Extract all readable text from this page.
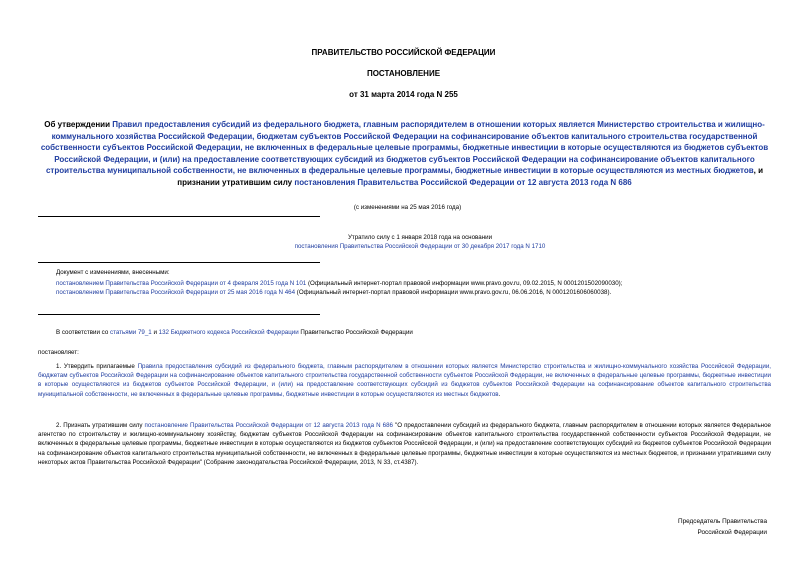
ПРАВИТЕЛЬСТВО РОССИЙСКОЙ ФЕДЕРАЦИИ
ПОСТАНОВЛЕНИЕ
от 31 марта 2014 года N 255
Об утверждении Правил предоставления субсидий из федерального бюджета, главным распорядителем в отношении которых является Министерство строительства и жилищно-коммунального хозяйства Российской Федерации, бюджетам субъектов Российской Федерации на софинансирование объектов капитального строительства государственной собственности субъектов Российской Федерации, не включенных в федеральные целевые программы, бюджетные инвестиции в которые осуществляются из бюджетов субъектов Российской Федерации, и (или) на предоставление соответствующих субсидий из бюджетов субъектов Российской Федерации на софинансирование объектов капитального строительства муниципальной собственности, не включенных в федеральные целевые программы, бюджетные инвестиции в которые осуществляются из местных бюджетов, и признании утратившим силу постановления Правительства Российской Федерации от 12 августа 2013 года N 686
(с изменениями на 25 мая 2016 года)
Утратило силу с 1 января 2018 года на основании
постановления Правительства Российской Федерации от 30 декабря 2017 года N 1710
Документ с изменениями, внесенными:
постановлением Правительства Российской Федерации от 4 февраля 2015 года N 101 (Официальный интернет-портал правовой информации www.pravo.gov.ru, 09.02.2015, N 0001201502090030);
постановлением Правительства Российской Федерации от 25 мая 2016 года N 464 (Официальный интернет-портал правовой информации www.pravo.gov.ru, 06.06.2016, N 0001201606060038).
В соответствии со статьями 79_1 и 132 Бюджетного кодекса Российской Федерации Правительство Российской Федерации
постановляет:
1. Утвердить прилагаемые Правила предоставления субсидий из федерального бюджета, главным распорядителем в отношении которых является Министерство строительства и жилищно-коммунального хозяйства Российской Федерации, бюджетам субъектов Российской Федерации на софинансирование объектов капитального строительства государственной собственности субъектов Российской Федерации, не включенных в федеральные целевые программы, бюджетные инвестиции в которые осуществляются из бюджетов субъектов Российской Федерации, и (или) на предоставление соответствующих субсидий из бюджетов субъектов Российской Федерации на софинансирование объектов капитального строительства муниципальной собственности, не включенных в федеральные целевые программы, бюджетные инвестиции в которые осуществляются из местных бюджетов.
2. Признать утратившим силу постановление Правительства Российской Федерации от 12 августа 2013 года N 686 "О предоставлении субсидий из федерального бюджета, главным распорядителем в отношении которых является Федеральное агентство по строительству и жилищно-коммунальному хозяйству, бюджетам субъектов Российской Федерации на софинансирование объектов капитального строительства государственной собственности субъектов Российской Федерации, не включенных в федеральные целевые программы, бюджетные инвестиции в которые осуществляются из бюджетов субъектов Российской Федерации, и (или) на предоставление соответствующих субсидий из бюджетов субъектов Российской Федерации на софинансирование объектов капитального строительства муниципальной собственности, не включенных в федеральные целевые программы, бюджетные инвестиции в которые осуществляются из местных бюджетов, и признании утратившими силу некоторых актов Правительства Российской Федерации" (Собрание законодательства Российской Федерации, 2013, N 33, ст.4387).
Председатель Правительства
Российской Федерации
